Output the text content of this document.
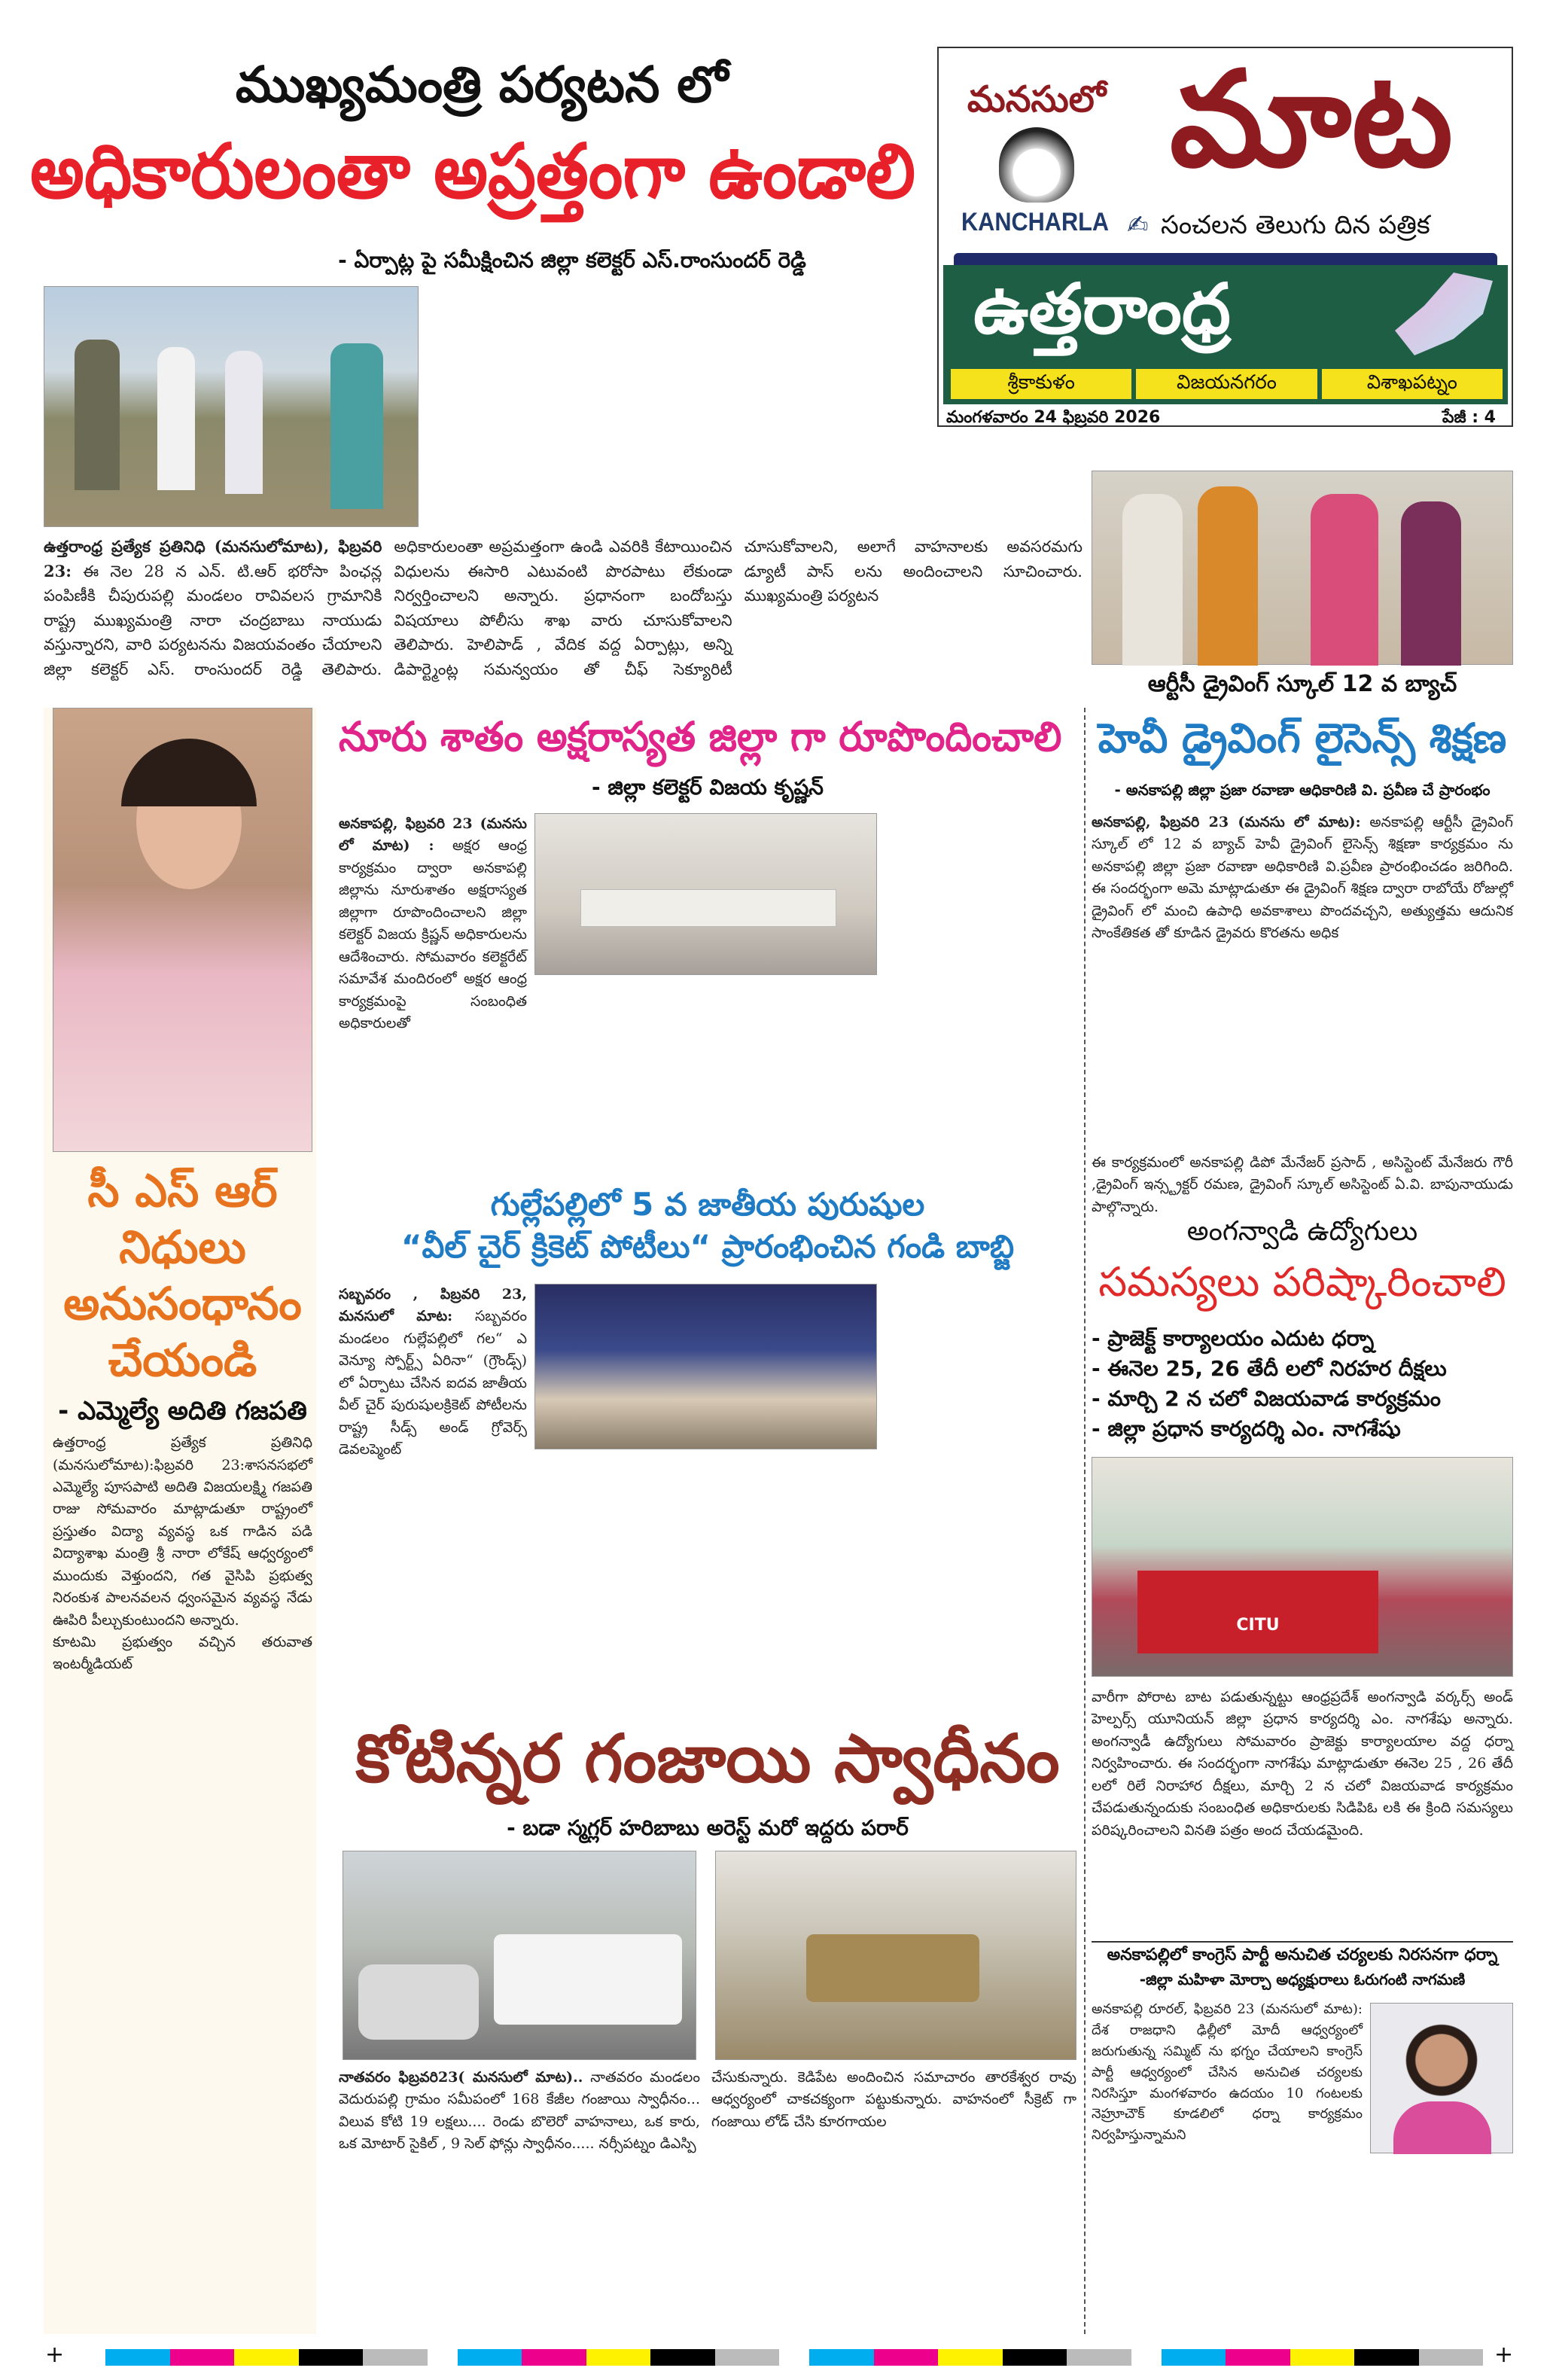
ముఖ్యమంత్రి పర్యటన లో
అధికారులంతా అప్రత్తంగా ఉండాలి
- ఏర్పాట్ల పై సమీక్షించిన జిల్లా కలెక్టర్ ఎస్.రాంసుందర్ రెడ్డి
ఉత్తరాంధ్ర ప్రత్యేక ప్రతినిధి (మనసులోమాట), ఫిబ్రవరి 23: ఈ నెల 28 న ఎన్. టి.ఆర్ భరోసా పింఛన్ల పంపిణీకి చీపురుపల్లి మండలం రావివలస గ్రామానికి రాష్ట్ర ముఖ్యమంత్రి నారా చంద్రబాబు నాయుడు వస్తున్నారని, వారి పర్యటనను విజయవంతం చేయాలని జిల్లా కలెక్టర్ ఎస్. రాంసుందర్ రెడ్డి తెలిపారు. అధికారులంతా అప్రమత్తంగా ఉండి ఎవరికి కేటాయించిన విధులను ఈసారి ఎటువంటి పొరపాటు లేకుండా నిర్వర్తించాలని అన్నారు. ప్రధానంగా బందోబస్తు విషయాలు పోలీసు శాఖ వారు చూసుకోవాలని తెలిపారు. హెలిపాడ్ , వేదిక వద్ద ఏర్పాట్లు, అన్ని డిపార్ట్మెంట్ల సమన్వయం తో చీఫ్ సెక్యూరిటీ చూసుకోవాలని, అలాగే వాహనాలకు అవసరమగు డ్యూటీ పాస్ లను అందించాలని సూచించారు. ముఖ్యమంత్రి పర్యటన
మనసులో
KANCHARLA
మాట
✍ సంచలన తెలుగు దిన పత్రిక
ఉత్తరాంధ్ర
శ్రీకాకుళం	విజయనగరం	విశాఖపట్నం
మంగళవారం 24 ఫిబ్రవరి 2026	పేజీ : 4
ఆర్టీసీ డ్రైవింగ్ స్కూల్ 12 వ బ్యాచ్
హెవీ డ్రైవింగ్ లైసెన్స్ శిక్షణ
- అనకాపల్లి జిల్లా ప్రజా రవాణా ఆధికారిణి వి. ప్రవీణ చే ప్రారంభం
అనకాపల్లి, ఫిబ్రవరి 23 (మనసు లో మాట): అనకాపల్లి ఆర్టీసీ డ్రైవింగ్ స్కూల్ లో 12 వ బ్యాచ్ హెవీ డ్రైవింగ్ లైసెన్స్ శిక్షణా కార్యక్రమం ను అనకాపల్లి జిల్లా ప్రజా రవాణా అధికారిణి వి.ప్రవీణ ప్రారంభించడం జరిగింది. ఈ సందర్భంగా అమె మాట్లాడుతూ ఈ డ్రైవింగ్ శిక్షణ ద్వారా రాబోయే రోజుల్లో డ్రైవింగ్ లో మంచి ఉపాధి అవకాశాలు పొందవచ్చని, అత్యుత్తమ ఆదునిక సాంకేతికత తో కూడిన డ్రైవరు కొరతను అధిక
ఈ కార్యక్రమంలో అనకాపల్లి డిపో మేనేజర్ ప్రసాద్ , అసిస్టెంట్ మేనేజరు గౌరీ ,డ్రైవింగ్ ఇన్స్ట్రక్టర్ రమణ, డ్రైవింగ్ స్కూల్ అసిస్టెంట్ ఏ.వి. బాపునాయుడు పాల్గొన్నారు.
సీ ఎస్ ఆర్ నిధులు అనుసంధానం చేయండి
- ఎమ్మెల్యే అదితి గజపతి
ఉత్తరాంధ్ర ప్రత్యేక ప్రతినిధి (మనసులోమాట):ఫిబ్రవరి 23:శాసనసభలో ఎమ్మెల్యే పూసపాటి అదితి విజయలక్ష్మి గజపతి రాజు సోమవారం మాట్లాడుతూ రాష్ట్రంలో ప్రస్తుతం విద్యా వ్యవస్థ ఒక గాడిన పడి విద్యాశాఖ మంత్రి శ్రీ నారా లోకేష్ ఆధ్వర్యంలో ముందుకు వెళ్తుందని, గత వైసిపి ప్రభుత్వ నిరంకుశ పాలనవలన ధ్వంసమైన వ్యవస్థ నేడు ఊపిరి పీల్చుకుంటుందని అన్నారు.
కూటమి ప్రభుత్వం వచ్చిన తరువాత ఇంటర్మీడియట్
నూరు శాతం అక్షరాస్యత జిల్లా గా రూపొందించాలి
- జిల్లా కలెక్టర్ విజయ కృష్ణన్
అనకాపల్లి, ఫిబ్రవరి 23 (మనసు లో మాట) : అక్షర ఆంధ్ర కార్యక్రమం ద్వారా అనకాపల్లి జిల్లాను నూరుశాతం అక్షరాస్యత జిల్లాగా రూపొందించాలని జిల్లా కలెక్టర్ విజయ క్రిష్ణన్ అధికారులను ఆదేశించారు. సోమవారం కలెక్టరేట్ సమావేశ మందిరంలో అక్షర ఆంధ్ర కార్యక్రమంపై సంబంధిత అధికారులతో
గుల్లేపల్లిలో 5 వ జాతీయ పురుషుల
“వీల్ చైర్ క్రికెట్ పోటీలు“ ప్రారంభించిన గండి బాబ్జి
సబ్బవరం , పిబ్రవరి 23, మనసులో మాట: సబ్బవరం మండలం గుల్లేపల్లిలో గల“ ఎ వెన్యూ స్పోర్ట్స్ ఏరినా“ (గ్రౌండ్స్) లో ఏర్పాటు చేసిన ఐదవ జాతీయ వీల్ చైర్ పురుషులక్రికెట్ పోటీలను రాష్ట్ర సీడ్స్ అండ్ గ్రోవెర్స్ డెవలప్మెంట్
కోటిన్నర గంజాయి స్వాధీనం
- బడా స్మగ్లర్ హరిబాబు అరెస్ట్ మరో ఇద్దరు పరార్
నాతవరం ఫిబ్రవరి23( మనసులో మాట).. నాతవరం మండలం వెదురుపల్లి గ్రామం సమీపంలో 168 కేజీల గంజాయి స్వాధీనం... విలువ కోటి 19 లక్షలు.... రెండు బొలెరో వాహనాలు, ఒక కారు, ఒక మోటార్ సైకిల్ , 9 సెల్ ఫోన్లు స్వాధీనం..... నర్సీపట్నం డిఎస్పి
చేసుకున్నారు. కెడిపేట అందించిన సమాచారం తారకేశ్వర రావు ఆధ్వర్యంలో చాకచక్యంగా పట్టుకున్నారు. వాహనంలో సీక్రెట్ గా గంజాయి లోడ్ చేసి కూరగాయల
అంగన్వాడి ఉద్యోగులు
సమస్యలు పరిష్కారించాలి
- ప్రాజెక్ట్ కార్యాలయం ఎదుట ధర్నా
- ఈనెల 25, 26 తేదీ లలో నిరహర దీక్షలు
- మార్చి 2 న చలో విజయవాడ కార్యక్రమం
- జిల్లా ప్రధాన కార్యదర్శి ఎం. నాగశేషు
CITU
వారీగా పోరాట బాట పడుతున్నట్టు ఆంధ్రప్రదేశ్ అంగన్వాడి వర్కర్స్ అండ్ హెల్పర్స్ యూనియన్ జిల్లా ప్రధాన కార్యదర్శి ఎం. నాగశేషు అన్నారు. అంగన్వాడీ ఉద్యోగులు సోమవారం ప్రాజెక్టు కార్యాలయాల వద్ద ధర్నా నిర్వహించారు. ఈ సందర్భంగా నాగశేషు మాట్లాడుతూ ఈనెల 25 , 26 తేదీ లలో రిలే నిరాహార దీక్షలు, మార్చి 2 న చలో విజయవాడ కార్యక్రమం చేపడుతున్నందుకు సంబంధిత అధికారులకు సిడిపిఓ లకి ఈ క్రింది సమస్యలు పరిష్కరించాలని వినతి పత్రం అంద చేయడమైంది.
అనకాపల్లిలో కాంగ్రెస్ పార్టీ అనుచిత చర్యలకు నిరసనగా ధర్నా
-జిల్లా మహిళా మోర్చా అధ్యక్షురాలు ఓరుగంటి నాగమణి
అనకాపల్లి రూరల్, ఫిబ్రవరి 23 (మనసులో మాట): దేశ రాజధాని ఢిల్లీలో మోదీ ఆధ్వర్యంలో జరుగుతున్న సమ్మిట్ ను భగ్నం చేయాలని కాంగ్రెస్ పార్టీ ఆధ్వర్యంలో చేసిన అనుచిత చర్యలకు నిరసిస్తూ మంగళవారం ఉదయం 10 గంటలకు నెహ్రూచౌక్ కూడలిలో ధర్నా కార్యక్రమం నిర్వహిస్తున్నామని
+	+
